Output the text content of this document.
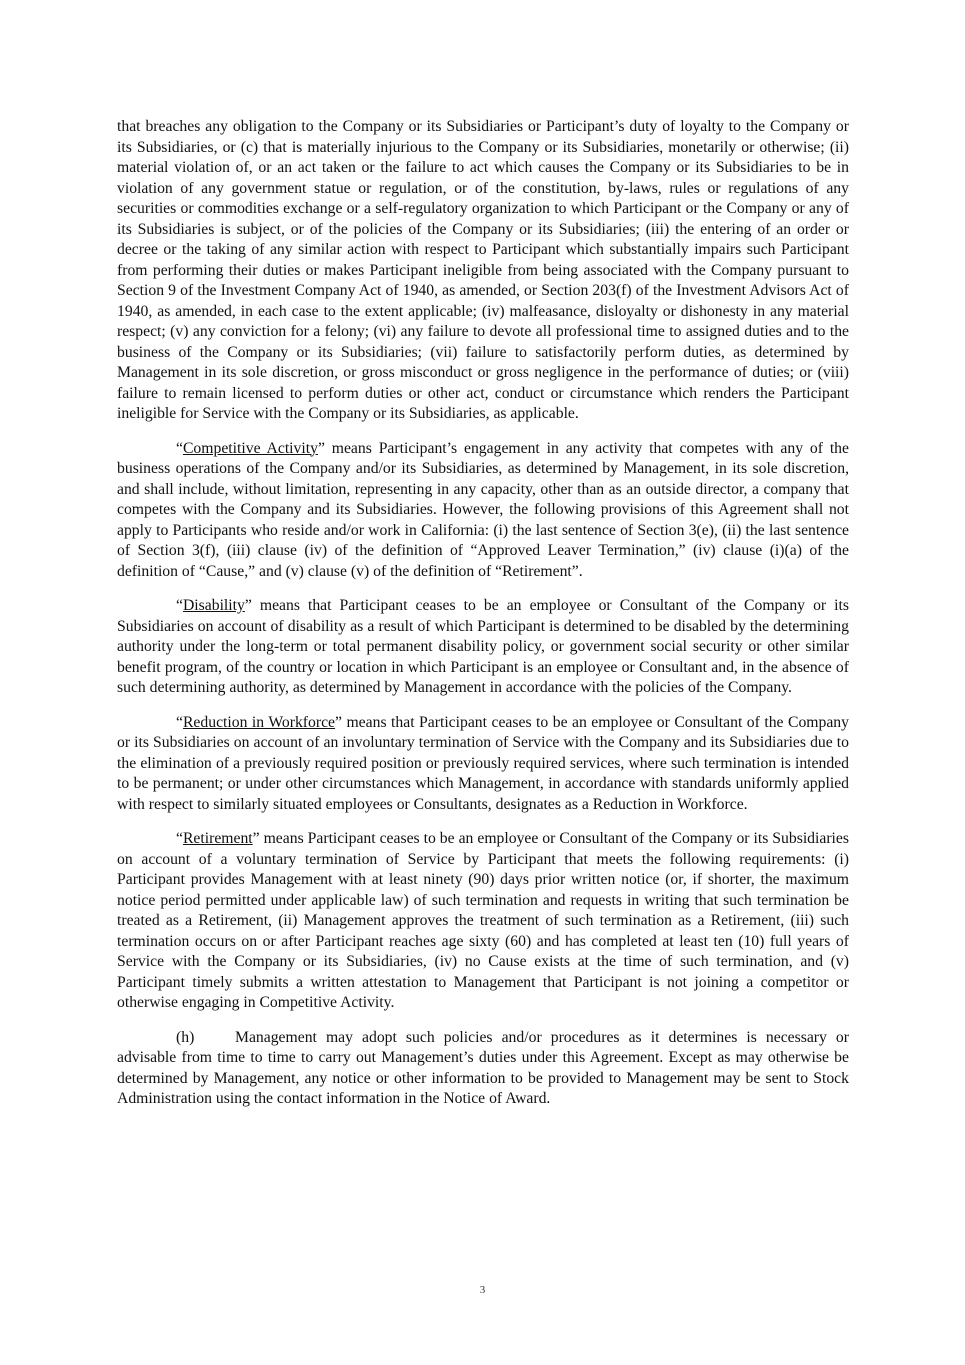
that breaches any obligation to the Company or its Subsidiaries or Participant’s duty of loyalty to the Company or its Subsidiaries, or (c) that is materially injurious to the Company or its Subsidiaries, monetarily or otherwise; (ii) material violation of, or an act taken or the failure to act which causes the Company or its Subsidiaries to be in violation of any government statue or regulation, or of the constitution, by-laws, rules or regulations of any securities or commodities exchange or a self-regulatory organization to which Participant or the Company or any of its Subsidiaries is subject, or of the policies of the Company or its Subsidiaries; (iii) the entering of an order or decree or the taking of any similar action with respect to Participant which substantially impairs such Participant from performing their duties or makes Participant ineligible from being associated with the Company pursuant to Section 9 of the Investment Company Act of 1940, as amended, or Section 203(f) of the Investment Advisors Act of 1940, as amended, in each case to the extent applicable; (iv) malfeasance, disloyalty or dishonesty in any material respect; (v) any conviction for a felony; (vi) any failure to devote all professional time to assigned duties and to the business of the Company or its Subsidiaries; (vii) failure to satisfactorily perform duties, as determined by Management in its sole discretion, or gross misconduct or gross negligence in the performance of duties; or (viii) failure to remain licensed to perform duties or other act, conduct or circumstance which renders the Participant ineligible for Service with the Company or its Subsidiaries, as applicable.

“Competitive Activity” means Participant’s engagement in any activity that competes with any of the business operations of the Company and/or its Subsidiaries, as determined by Management, in its sole discretion, and shall include, without limitation, representing in any capacity, other than as an outside director, a company that competes with the Company and its Subsidiaries. However, the following provisions of this Agreement shall not apply to Participants who reside and/or work in California: (i) the last sentence of Section 3(e), (ii) the last sentence of Section 3(f), (iii) clause (iv) of the definition of “Approved Leaver Termination,” (iv) clause (i)(a) of the definition of “Cause,” and (v) clause (v) of the definition of “Retirement”.

“Disability” means that Participant ceases to be an employee or Consultant of the Company or its Subsidiaries on account of disability as a result of which Participant is determined to be disabled by the determining authority under the long-term or total permanent disability policy, or government social security or other similar benefit program, of the country or location in which Participant is an employee or Consultant and, in the absence of such determining authority, as determined by Management in accordance with the policies of the Company.

“Reduction in Workforce” means that Participant ceases to be an employee or Consultant of the Company or its Subsidiaries on account of an involuntary termination of Service with the Company and its Subsidiaries due to the elimination of a previously required position or previously required services, where such termination is intended to be permanent; or under other circumstances which Management, in accordance with standards uniformly applied with respect to similarly situated employees or Consultants, designates as a Reduction in Workforce.

“Retirement” means Participant ceases to be an employee or Consultant of the Company or its Subsidiaries on account of a voluntary termination of Service by Participant that meets the following requirements: (i) Participant provides Management with at least ninety (90) days prior written notice (or, if shorter, the maximum notice period permitted under applicable law) of such termination and requests in writing that such termination be treated as a Retirement, (ii) Management approves the treatment of such termination as a Retirement, (iii) such termination occurs on or after Participant reaches age sixty (60) and has completed at least ten (10) full years of Service with the Company or its Subsidiaries, (iv) no Cause exists at the time of such termination, and (v) Participant timely submits a written attestation to Management that Participant is not joining a competitor or otherwise engaging in Competitive Activity.

(h)	Management may adopt such policies and/or procedures as it determines is necessary or advisable from time to time to carry out Management’s duties under this Agreement. Except as may otherwise be determined by Management, any notice or other information to be provided to Management may be sent to Stock Administration using the contact information in the Notice of Award.

3
